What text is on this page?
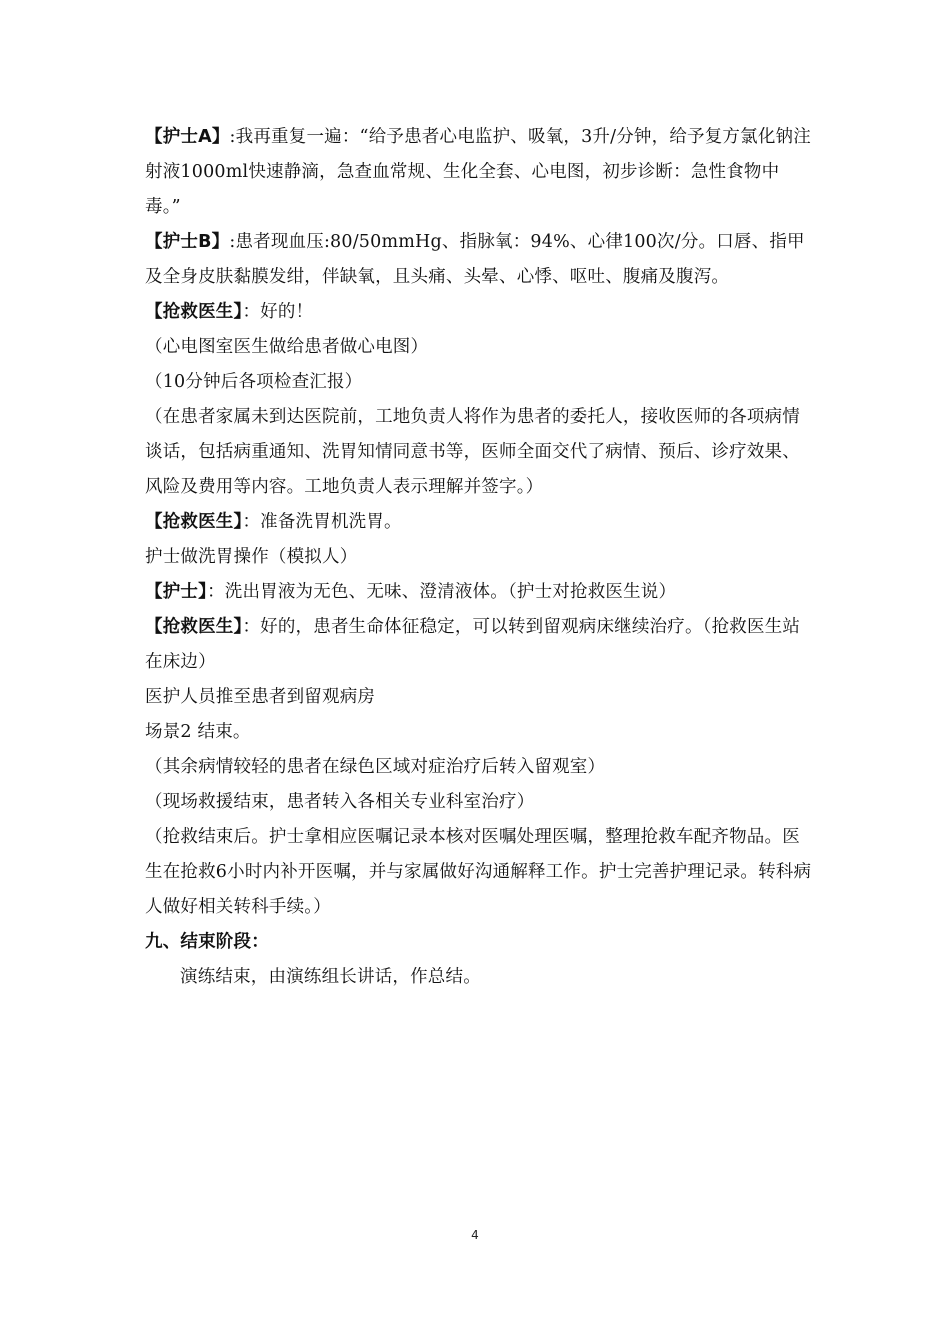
【护士A】:我再重复一遍：“给予患者心电监护、吸氧，3升/分钟，给予复方氯化钠注射液1000ml快速静滴，急查血常规、生化全套、心电图，初步诊断：急性食物中毒。”

【护士B】:患者现血压:80/50mmHg、指脉氧：94%、心律100次/分。口唇、指甲及全身皮肤黏膜发绀，伴缺氧，且头痛、头晕、心悸、呕吐、腹痛及腹泻。

【抢救医生】：好的！

（心电图室医生做给患者做心电图）

（10分钟后各项检查汇报）

（在患者家属未到达医院前，工地负责人将作为患者的委托人，接收医师的各项病情谈话，包括病重通知、洗胃知情同意书等，医师全面交代了病情、预后、诊疗效果、风险及费用等内容。工地负责人表示理解并签字。）

【抢救医生】：准备洗胃机洗胃。

护士做洗胃操作（模拟人）

【护士】：洗出胃液为无色、无味、澄清液体。（护士对抢救医生说）

【抢救医生】：好的，患者生命体征稳定，可以转到留观病床继续治疗。（抢救医生站在床边）

医护人员推至患者到留观病房

场景2 结束。

（其余病情较轻的患者在绿色区域对症治疗后转入留观室）

（现场救援结束，患者转入各相关专业科室治疗）

（抢救结束后。护士拿相应医嘱记录本核对医嘱处理医嘱，整理抢救车配齐物品。医生在抢救6小时内补开医嘱，并与家属做好沟通解释工作。护士完善护理记录。转科病人做好相关转科手续。）

九、结束阶段：

演练结束，由演练组长讲话，作总结。

4
